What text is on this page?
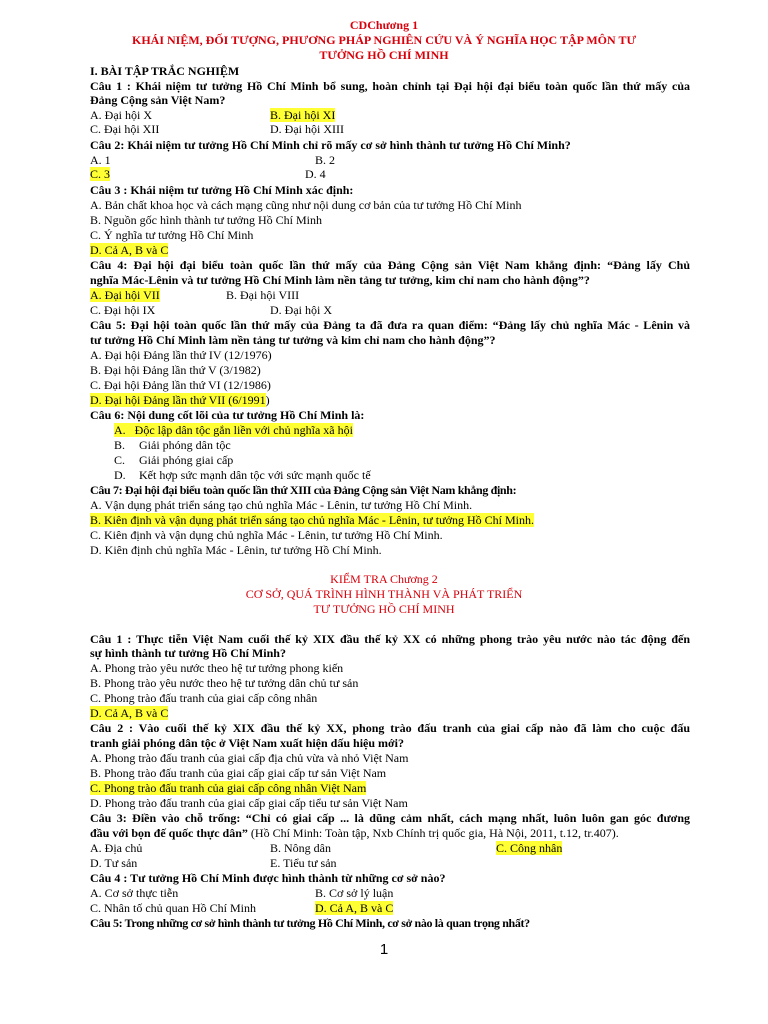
CDChương 1
KHÁI NIỆM, ĐỐI TƯỢNG, PHƯƠNG PHÁP NGHIÊN CỨU VÀ Ý NGHĨA HỌC TẬP MÔN TƯ
TƯỞNG HỒ CHÍ MINH
I. BÀI TẬP TRẮC NGHIỆM
Câu 1 : Khái niệm tư tưởng Hồ Chí Minh bổ sung, hoàn chỉnh tại Đại hội đại biểu toàn quốc lần thứ mấy của
Đảng Cộng sản Việt Nam?
A. Đại hội X	B. Đại hội XI
C. Đại hội XII	D. Đại hội XIII
Câu 2: Khái niệm tư tưởng Hồ Chí Minh chỉ rõ mấy cơ sở hình thành tư tưởng Hồ Chí Minh?
A. 1	B. 2
C. 3	D. 4
Câu 3 : Khái niệm tư tưởng Hồ Chí Minh xác định:
A. Bản chất khoa học và cách mạng cũng như nội dung cơ bản của tư tưởng Hồ Chí Minh
B. Nguồn gốc hình thành tư tưởng Hồ Chí Minh
C. Ý nghĩa tư tưởng Hồ Chí Minh
D. Cả A, B và C
Câu 4: Đại hội đại biểu toàn quốc lần thứ mấy của Đảng Cộng sản Việt Nam khẳng định: “Đảng lấy Chủ
nghĩa Mác-Lênin và tư tưởng Hồ Chí Minh làm nền tảng tư tưởng, kim chỉ nam cho hành động”?
A. Đại hội VII	B. Đại hội VIII
C. Đại hội IX	D. Đại hội X
Câu 5: Đại hội toàn quốc lần thứ mấy của Đảng ta đã đưa ra quan điểm: “Đảng lấy chủ nghĩa Mác - Lênin và
tư tưởng Hồ Chí Minh làm nền tảng tư tưởng và kim chỉ nam cho hành động”?
A. Đại hội Đảng lần thứ IV (12/1976)
B. Đại hội Đảng lần thứ V (3/1982)
C. Đại hội Đảng lần thứ VI (12/1986)
D. Đại hội Đảng lần thứ VII (6/1991)
Câu 6: Nội dung cốt lõi của tư tưởng Hồ Chí Minh là:
A. Độc lập dân tộc gắn liền với chủ nghĩa xã hội
B. Giải phóng dân tộc
C. Giải phóng giai cấp
D. Kết hợp sức mạnh dân tộc với sức mạnh quốc tế
Câu 7: Đại hội đại biểu toàn quốc lần thứ XIII của Đảng Cộng sản Việt Nam khẳng định:
A. Vận dụng phát triển sáng tạo chủ nghĩa Mác - Lênin, tư tưởng Hồ Chí Minh.
B. Kiên định và vận dụng phát triển sáng tạo chủ nghĩa Mác - Lênin, tư tưởng Hồ Chí Minh.
C. Kiên định và vận dụng chủ nghĩa Mác - Lênin, tư tưởng Hồ Chí Minh.
D. Kiên định chủ nghĩa Mác - Lênin, tư tưởng Hồ Chí Minh.
KIỂM TRA Chương 2
CƠ SỞ, QUÁ TRÌNH HÌNH THÀNH VÀ PHÁT TRIỂN
TƯ TƯỞNG HỒ CHÍ MINH
Câu 1 : Thực tiễn Việt Nam cuối thế kỷ XIX đầu thế kỷ XX có những phong trào yêu nước nào tác động đến
sự hình thành tư tưởng Hồ Chí Minh?
A. Phong trào yêu nước theo hệ tư tưởng phong kiến
B. Phong trào yêu nước theo hệ tư tưởng dân chủ tư sản
C. Phong trào đấu tranh của giai cấp công nhân
D. Cả A, B và C
Câu 2 : Vào cuối thế kỷ XIX đầu thế kỷ XX, phong trào đấu tranh của giai cấp nào đã làm cho cuộc đấu
tranh giải phóng dân tộc ở Việt Nam xuất hiện dấu hiệu mới?
A. Phong trào đấu tranh của giai cấp địa chủ vừa và nhỏ Việt Nam
B. Phong trào đấu tranh của giai cấp giai cấp tư sản Việt Nam
C. Phong trào đấu tranh của giai cấp công nhân Việt Nam
D. Phong trào đấu tranh của giai cấp giai cấp tiểu tư sản Việt Nam
Câu 3: Điền vào chỗ trống: “Chỉ có giai cấp ... là dũng cảm nhất, cách mạng nhất, luôn luôn gan góc đương
đầu với bọn đế quốc thực dân” (Hồ Chí Minh: Toàn tập, Nxb Chính trị quốc gia, Hà Nội, 2011, t.12, tr.407).
A. Địa chủ	B. Nông dân	C. Công nhân
D. Tư sản	E. Tiểu tư sản
Câu 4 : Tư tưởng Hồ Chí Minh được hình thành từ những cơ sở nào?
A. Cơ sở thực tiễn	B. Cơ sở lý luận
C. Nhân tố chủ quan Hồ Chí Minh	D. Cả A, B và C
Câu 5: Trong những cơ sở hình thành tư tưởng Hồ Chí Minh, cơ sở nào là quan trọng nhất?
1
